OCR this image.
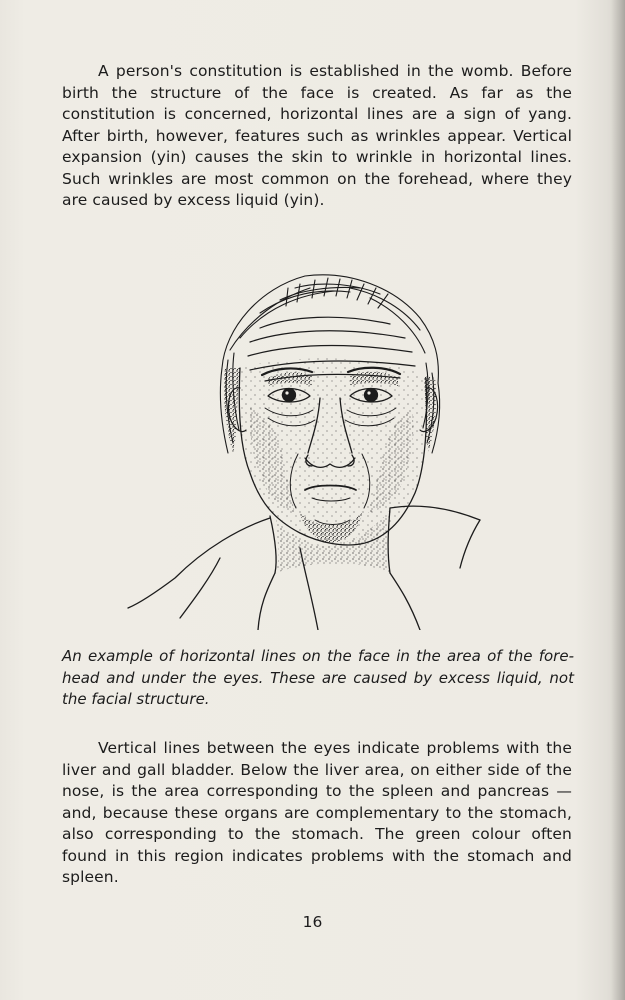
A person's constitution is established in the womb. Before birth the structure of the face is created. As far as the constitution is concerned, horizontal lines are a sign of yang. After birth, however, features such as wrinkles appear. Vertical expansion (yin) causes the skin to wrinkle in horizontal lines. Such wrinkles are most common on the forehead, where they are caused by excess liquid (yin).

An example of horizontal lines on the face in the area of the fore-head and under the eyes. These are caused by excess liquid, not the facial structure.

Vertical lines between the eyes indicate problems with the liver and gall bladder. Below the liver area, on either side of the nose, is the area corresponding to the spleen and pancreas — and, because these organs are complementary to the stomach, also corresponding to the stomach. The green colour often found in this region indicates problems with the stomach and spleen.

16
